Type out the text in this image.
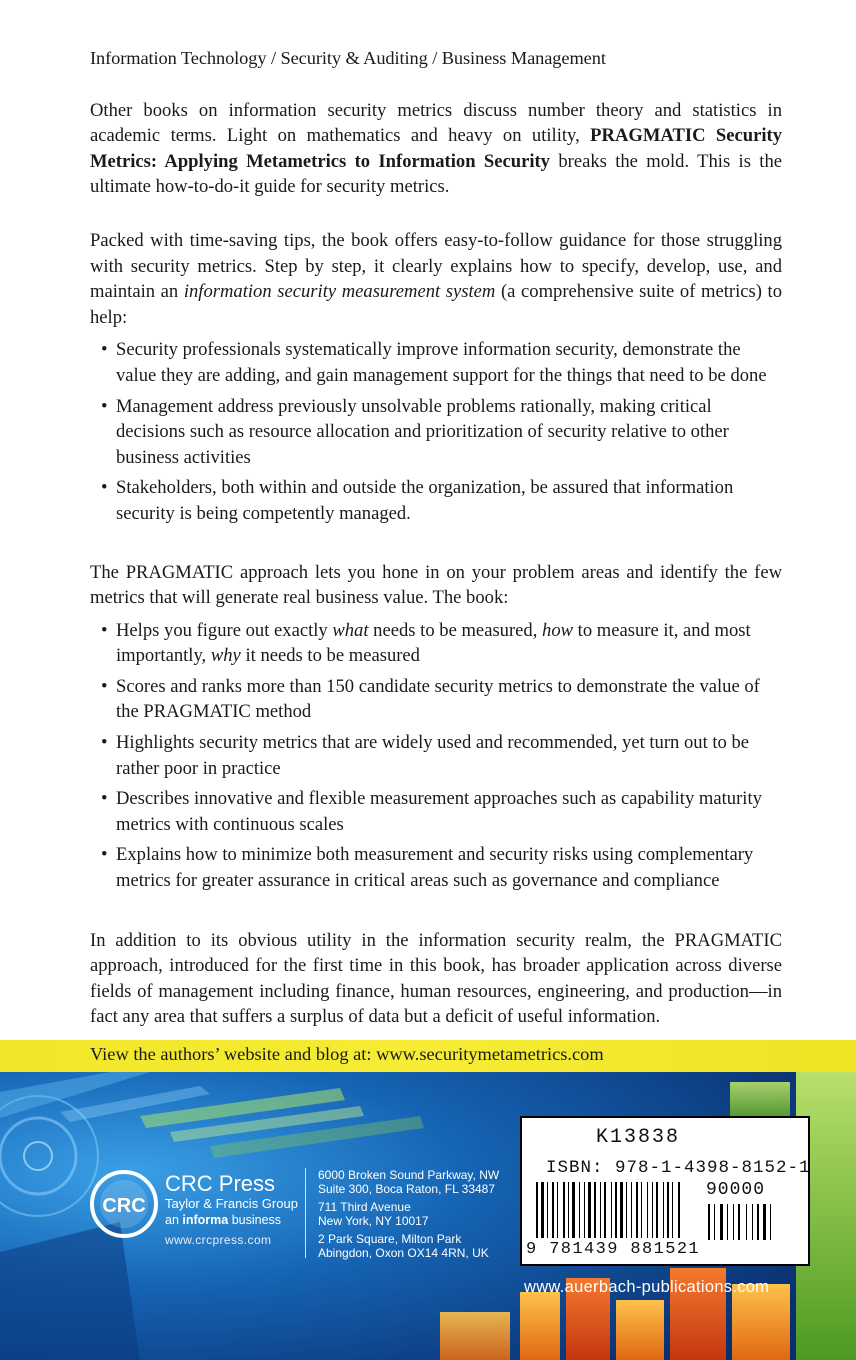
Information Technology / Security & Auditing / Business Management

Other books on information security metrics discuss number theory and statistics in academic terms. Light on mathematics and heavy on utility, PRAGMATIC Security Metrics: Applying Metametrics to Information Security breaks the mold. This is the ultimate how-to-do-it guide for security metrics.

Packed with time-saving tips, the book offers easy-to-follow guidance for those struggling with security metrics. Step by step, it clearly explains how to specify, develop, use, and maintain an information security measurement system (a comprehensive suite of metrics) to help:

• Security professionals systematically improve information security, demonstrate the value they are adding, and gain management support for the things that need to be done
• Management address previously unsolvable problems rationally, making critical decisions such as resource allocation and prioritization of security relative to other business activities
• Stakeholders, both within and outside the organization, be assured that information security is being competently managed.

The PRAGMATIC approach lets you hone in on your problem areas and identify the few metrics that will generate real business value. The book:

• Helps you figure out exactly what needs to be measured, how to measure it, and most importantly, why it needs to be measured
• Scores and ranks more than 150 candidate security metrics to demonstrate the value of the PRAGMATIC method
• Highlights security metrics that are widely used and recommended, yet turn out to be rather poor in practice
• Describes innovative and flexible measurement approaches such as capability maturity metrics with continuous scales
• Explains how to minimize both measurement and security risks using complementary metrics for greater assurance in critical areas such as governance and compliance

In addition to its obvious utility in the information security realm, the PRAGMATIC approach, introduced for the first time in this book, has broader application across diverse fields of management including finance, human resources, engineering, and production—in fact any area that suffers a surplus of data but a deficit of useful information.

View the authors’ website and blog at: www.securitymetametrics.com
CRC
CRC Press
Taylor & Francis Group
an informa business
www.crcpress.com
6000 Broken Sound Parkway, NW
Suite 300, Boca Raton, FL 33487
711 Third Avenue
New York, NY 10017
2 Park Square, Milton Park
Abingdon, Oxon OX14 4RN, UK
K13838
ISBN: 978-1-4398-8152-1
90000
9 781439 881521
www.auerbach-publications.com
